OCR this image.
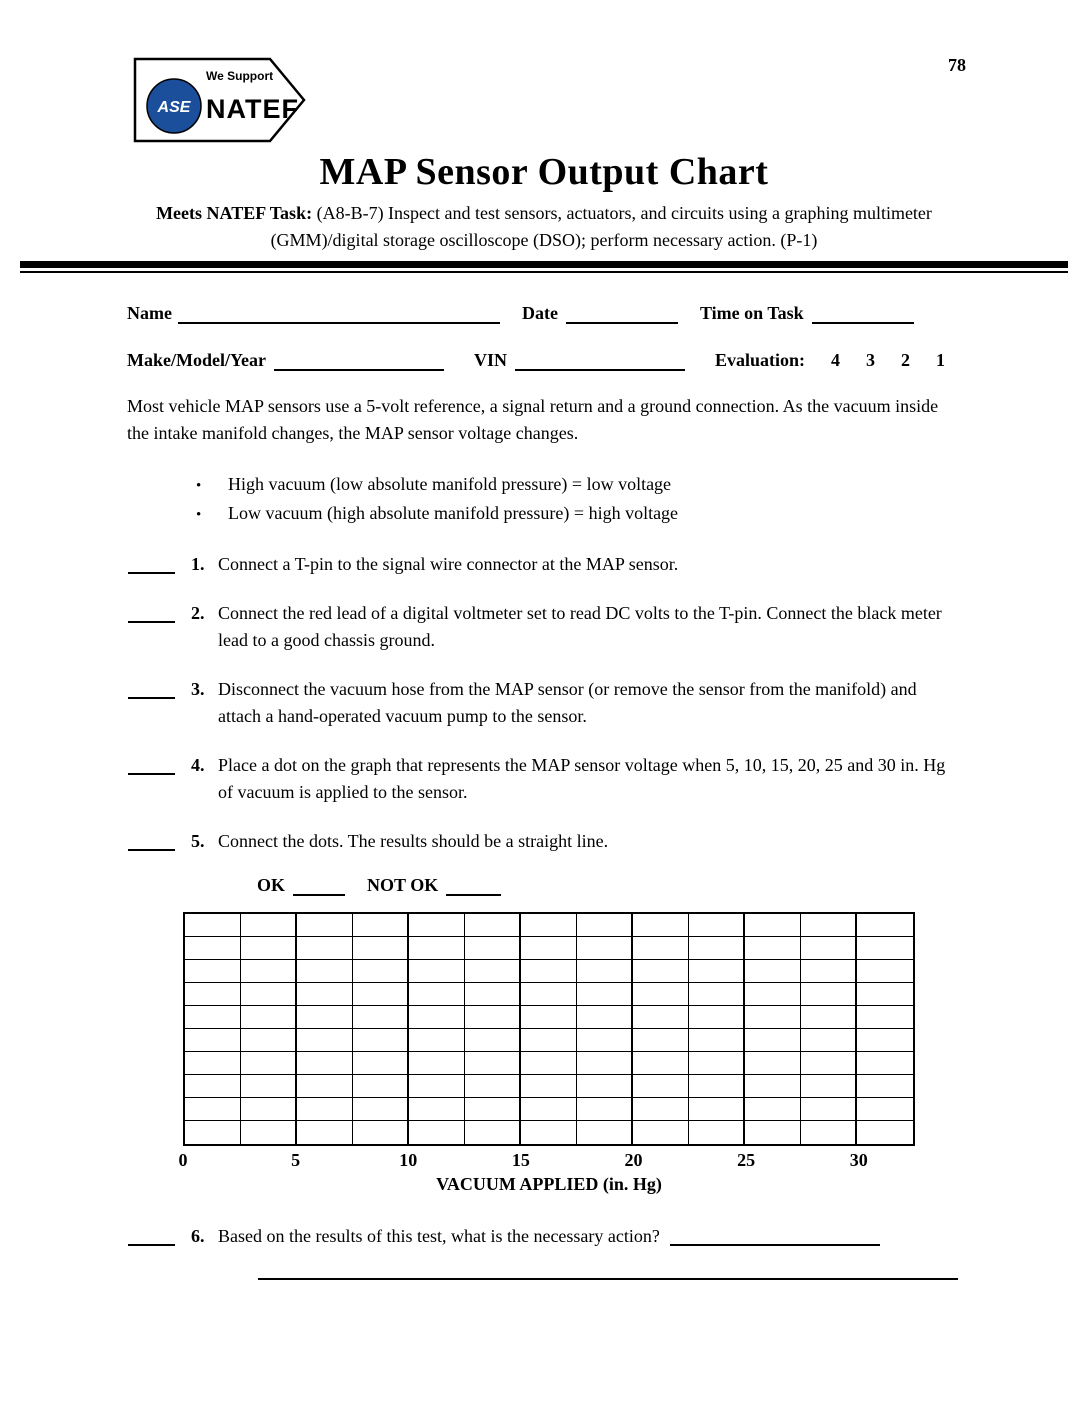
78
ASE
We Support
NATEF
MAP Sensor Output Chart
Meets NATEF Task: (A8-B-7) Inspect and test sensors, actuators, and circuits using a graphing multimeter (GMM)/digital storage oscilloscope (DSO); perform necessary action. (P-1)
Name	Date	Time on Task
Make/Model/Year	VIN	Evaluation: 4 3 2 1

Most vehicle MAP sensors use a 5-volt reference, a signal return and a ground connection. As the vacuum inside the intake manifold changes, the MAP sensor voltage changes.

•	High vacuum (low absolute manifold pressure) = low voltage
•	Low vacuum (high absolute manifold pressure) = high voltage
1. Connect a T-pin to the signal wire connector at the MAP sensor.
2. Connect the red lead of a digital voltmeter set to read DC volts to the T-pin. Connect the black meter lead to a good chassis ground.
3. Disconnect the vacuum hose from the MAP sensor (or remove the sensor from the manifold) and attach a hand-operated vacuum pump to the sensor.
4. Place a dot on the graph that represents the MAP sensor voltage when 5, 10, 15, 20, 25 and 30 in. Hg of vacuum is applied to the sensor.
5. Connect the dots. The results should be a straight line.
OK	NOT OK
0	5	10	15	20	25	30
VACUUM APPLIED (in. Hg)
6. Based on the results of this test, what is the necessary action?
